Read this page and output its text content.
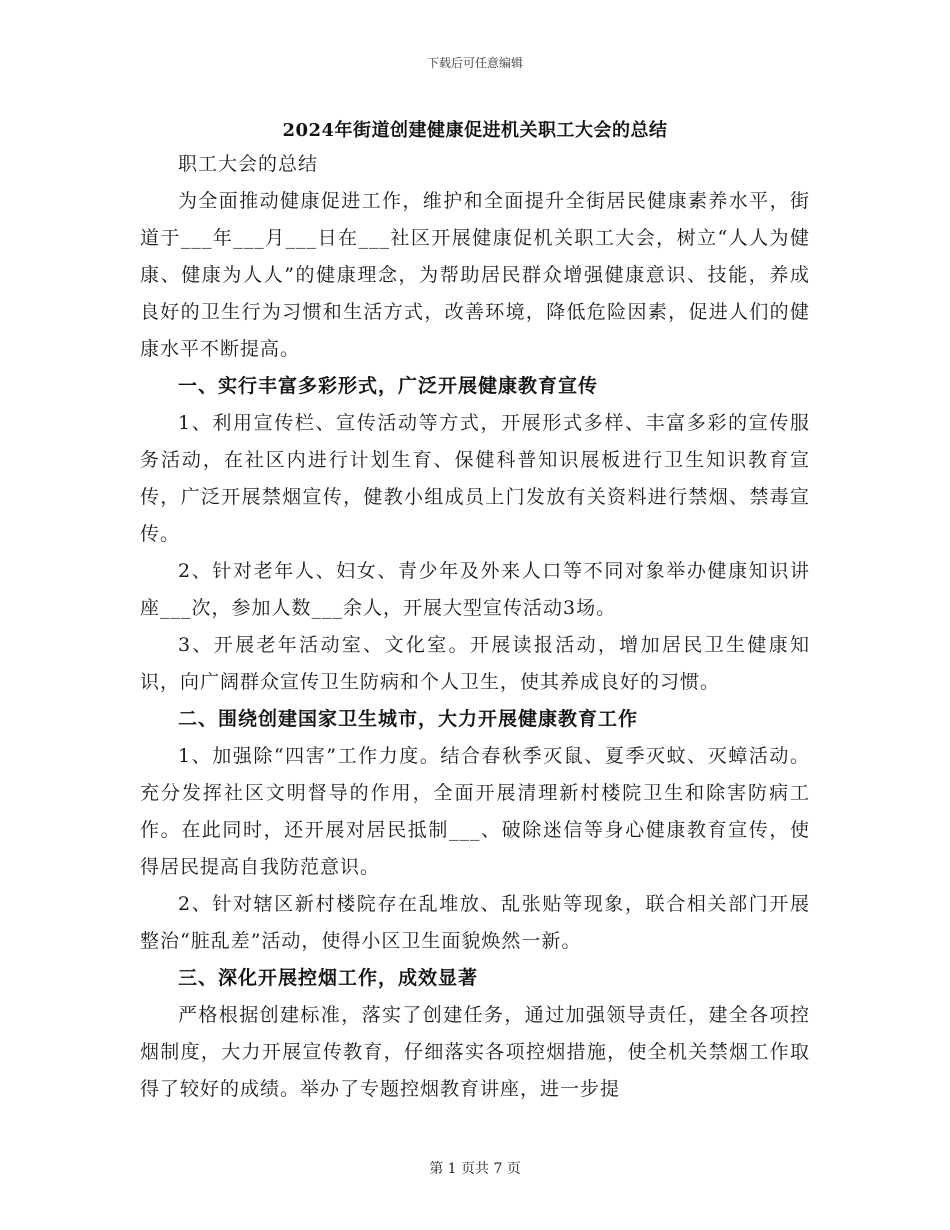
下载后可任意编辑
2024年街道创建健康促进机关职工大会的总结

职工大会的总结

为全面推动健康促进工作，维护和全面提升全街居民健康素养水平，街道于___年___月___日在___社区开展健康促机关职工大会，树立“人人为健康、健康为人人”的健康理念，为帮助居民群众增强健康意识、技能，养成良好的卫生行为习惯和生活方式，改善环境，降低危险因素，促进人们的健康水平不断提高。

一、实行丰富多彩形式，广泛开展健康教育宣传

1、利用宣传栏、宣传活动等方式，开展形式多样、丰富多彩的宣传服务活动，在社区内进行计划生育、保健科普知识展板进行卫生知识教育宣传，广泛开展禁烟宣传，健教小组成员上门发放有关资料进行禁烟、禁毒宣传。

2、针对老年人、妇女、青少年及外来人口等不同对象举办健康知识讲座___次，参加人数___余人，开展大型宣传活动3场。

3、开展老年活动室、文化室。开展读报活动，增加居民卫生健康知识，向广阔群众宣传卫生防病和个人卫生，使其养成良好的习惯。

二、围绕创建国家卫生城市，大力开展健康教育工作

1、加强除“四害”工作力度。结合春秋季灭鼠、夏季灭蚊、灭蟑活动。充分发挥社区文明督导的作用，全面开展清理新村楼院卫生和除害防病工作。在此同时，还开展对居民抵制___、破除迷信等身心健康教育宣传，使得居民提高自我防范意识。

2、针对辖区新村楼院存在乱堆放、乱张贴等现象，联合相关部门开展整治“脏乱差”活动，使得小区卫生面貌焕然一新。

三、深化开展控烟工作，成效显著

严格根据创建标准，落实了创建任务，通过加强领导责任，建全各项控烟制度，大力开展宣传教育，仔细落实各项控烟措施，使全机关禁烟工作取得了较好的成绩。举办了专题控烟教育讲座，进一步提

第 1 页共 7 页
